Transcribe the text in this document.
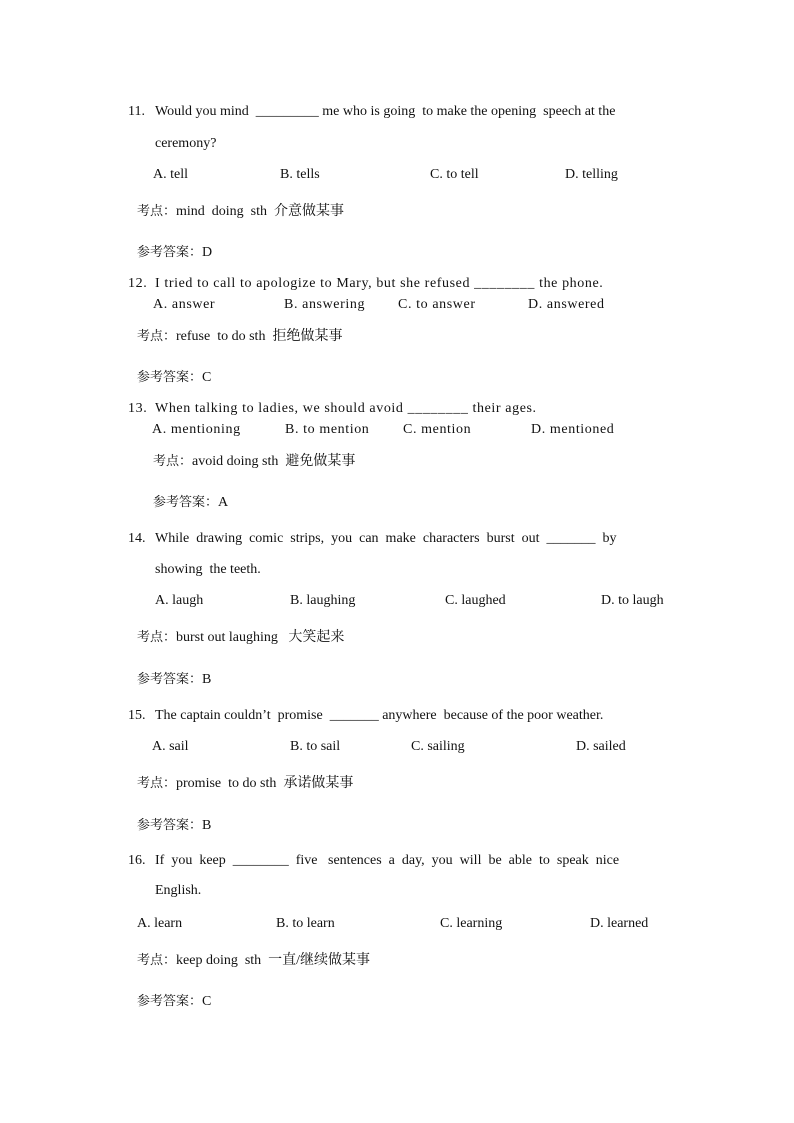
11. Would you mind  _________ me who is going  to make the opening  speech at the
ceremony?
A. tell	B. tells	C. to tell	D. telling
考点：mind  doing  sth  介意做某事
参考答案：D
12. I tried to call to apologize to Mary, but she refused ________ the phone.
A. answer	B. answering C. to answer	D. answered
考点：refuse  to do sth  拒绝做某事
参考答案：C
13. When talking to ladies, we should avoid ________ their ages.
A. mentioning	B. to mention C. mention	D. mentioned
考点：avoid doing sth  避免做某事
参考答案：A
14. While  drawing  comic  strips,  you  can  make  characters  burst  out  _______  by
showing  the teeth.
A. laugh	B. laughing	C. laughed	D. to laugh
考点：burst out laughing   大笑起来
参考答案：B
15. The captain couldn’t  promise  _______ anywhere  because of the poor weather.
A. sail	B. to sail	C. sailing	D. sailed
考点：promise  to do sth  承诺做某事
参考答案：B
16. If  you  keep  ________  five   sentences  a  day,  you  will  be  able  to  speak  nice
English.
A. learn	B. to learn	C. learning	D. learned
考点：keep doing  sth  一直/继续做某事
参考答案：C
